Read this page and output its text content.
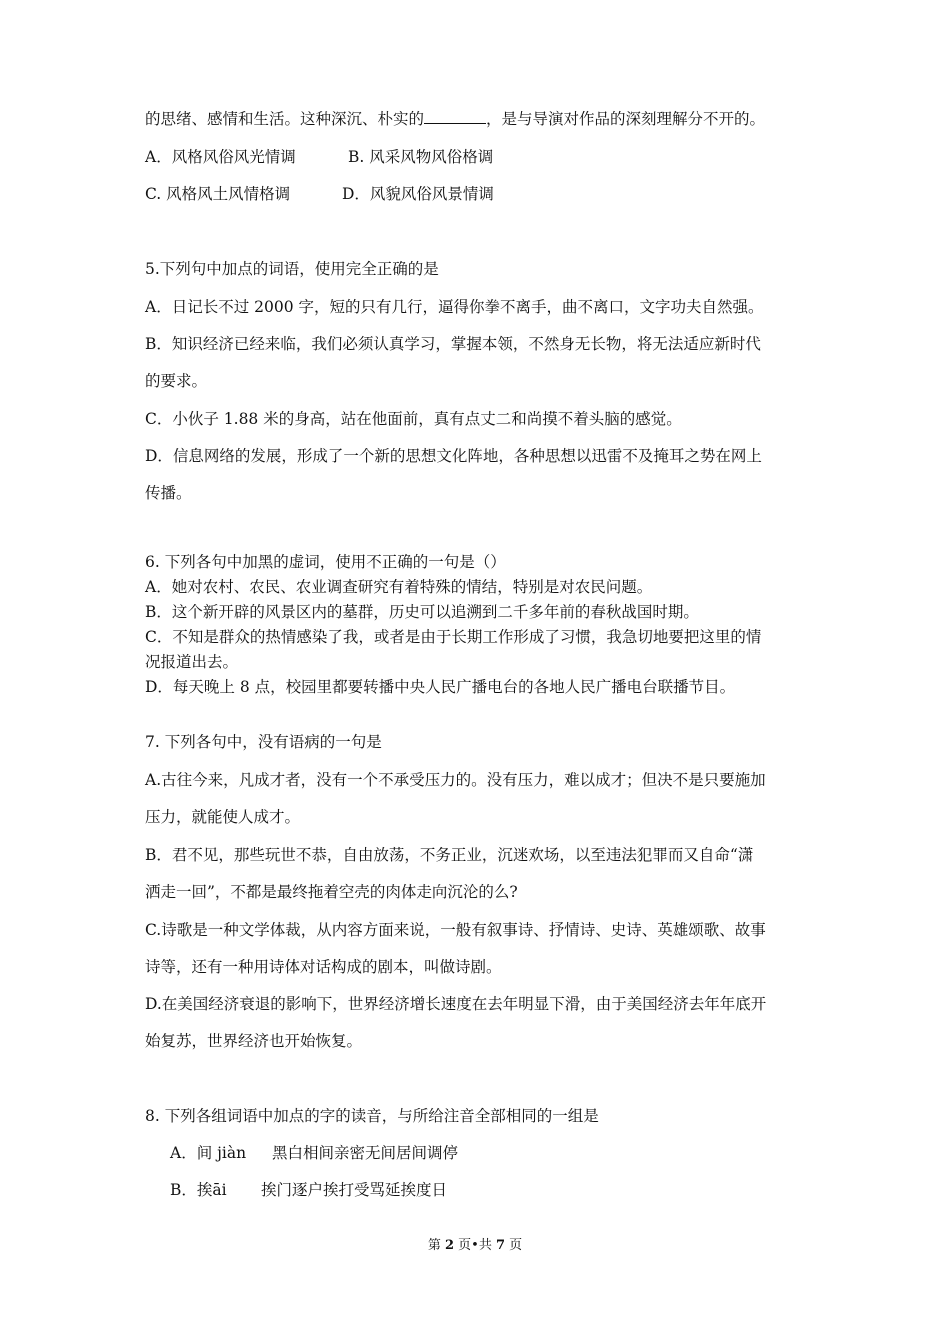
的思绪、感情和生活。这种深沉、朴实的	，是与导演对作品的深刻理解分不开的。
A．风格风俗风光情调	B. 风采风物风俗格调
C. 风格风土风情格调	D．风貌风俗风景情调
5.下列句中加点的词语，使用完全正确的是
A．日记长不过 2000 字，短的只有几行，逼得你拳不离手，曲不离口，文字功夫自然强。
B．知识经济已经来临，我们必须认真学习，掌握本领，不然身无长物，将无法适应新时代
的要求。
C．小伙子 1.88 米的身高，站在他面前，真有点丈二和尚摸不着头脑的感觉。
D．信息网络的发展，形成了一个新的思想文化阵地，各种思想以迅雷不及掩耳之势在网上
传播。
6. 下列各句中加黑的虚词，使用不正确的一句是（）
A．她对农村、农民、农业调查研究有着特殊的情结，特别是对农民问题。
B．这个新开辟的风景区内的墓群，历史可以追溯到二千多年前的春秋战国时期。
C．不知是群众的热情感染了我，或者是由于长期工作形成了习惯，我急切地要把这里的情
况报道出去。
D．每天晚上 8 点，校园里都要转播中央人民广播电台的各地人民广播电台联播节目。
7. 下列各句中，没有语病的一句是
A.古往今来，凡成才者，没有一个不承受压力的。没有压力，难以成才；但决不是只要施加
压力，就能使人成才。
B．君不见，那些玩世不恭，自由放荡，不务正业，沉迷欢场，以至违法犯罪而又自命“潇
洒走一回”，不都是最终拖着空壳的肉体走向沉沦的么?
C.诗歌是一种文学体裁，从内容方面来说，一般有叙事诗、抒情诗、史诗、英雄颂歌、故事
诗等，还有一种用诗体对话构成的剧本，叫做诗剧。
D.在美国经济衰退的影响下，世界经济增长速度在去年明显下滑，由于美国经济去年年底开
始复苏，世界经济也开始恢复。
8. 下列各组词语中加点的字的读音，与所给注音全部相同的一组是
A．间 jiàn 黑白相间亲密无间居间调停
B．挨āi 挨门逐户挨打受骂延挨度日
第 2 页•共 7 页
